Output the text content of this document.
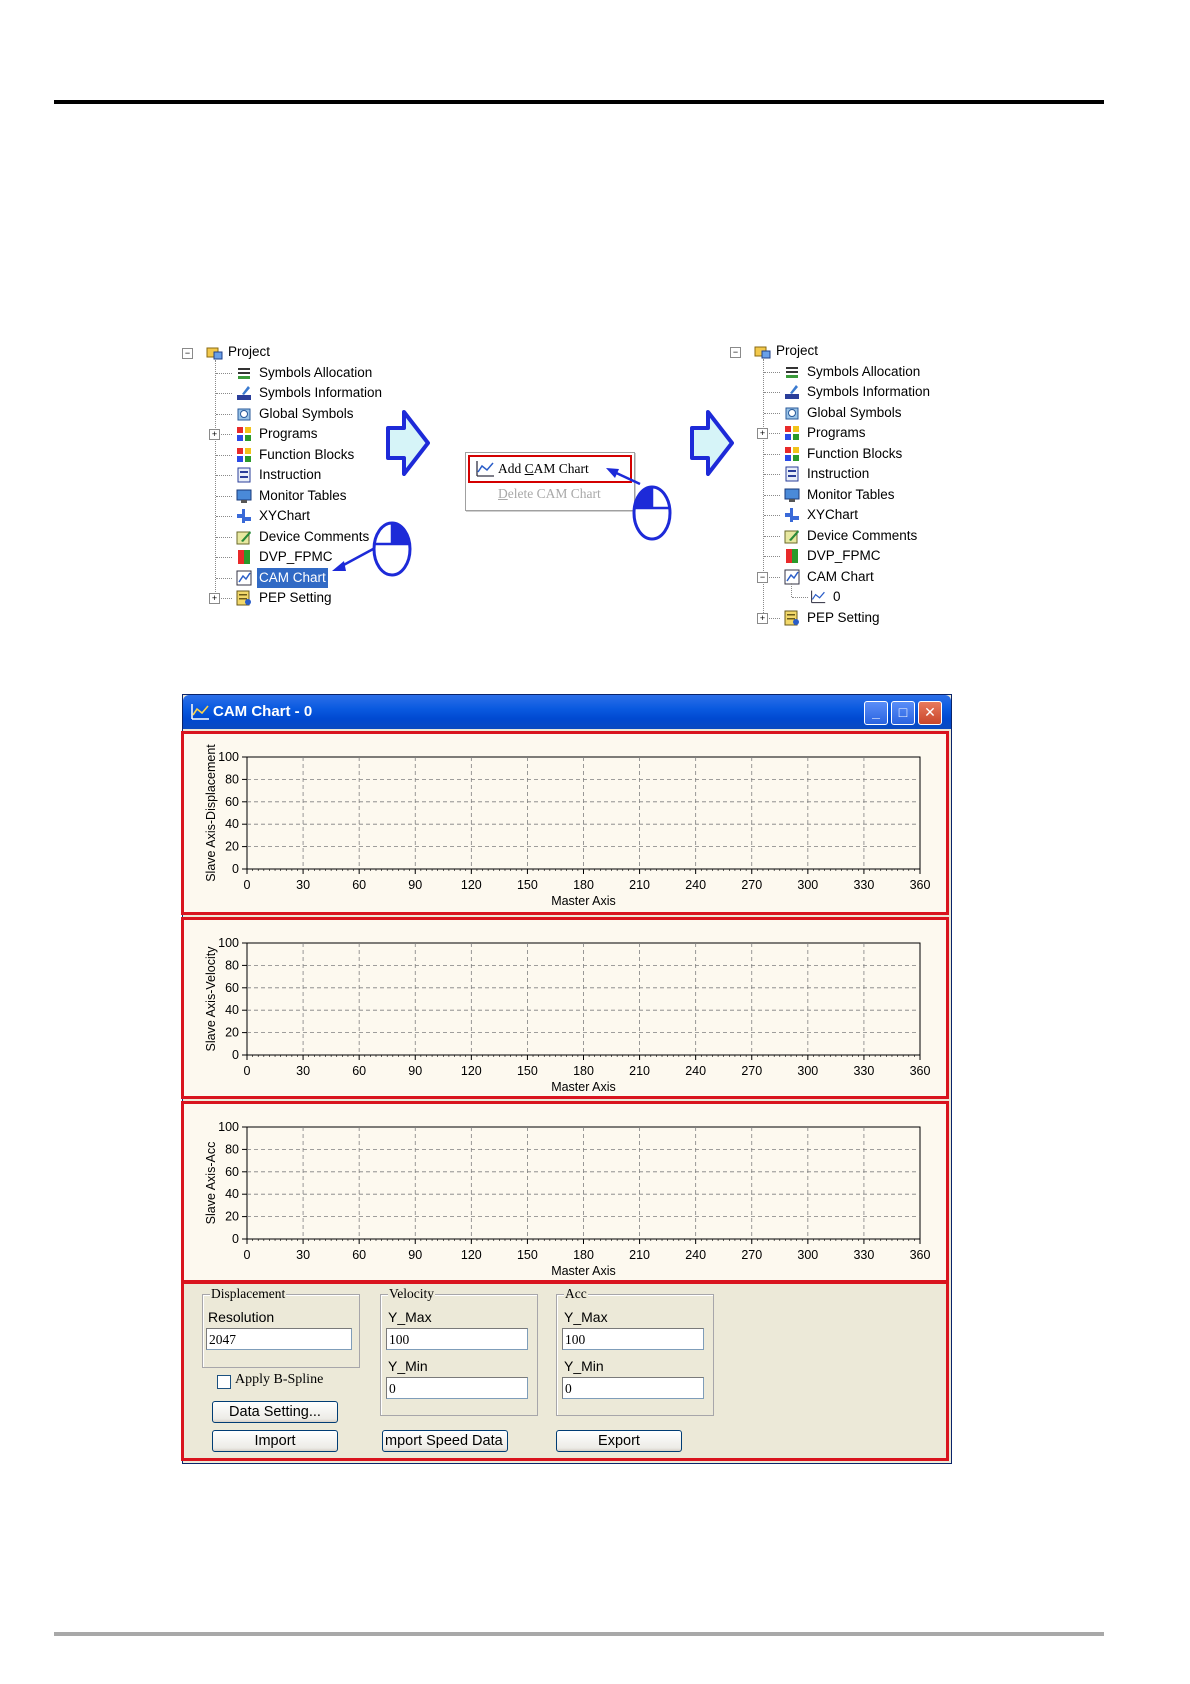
−	Project
Symbols Allocation
Symbols Information
Global Symbols
+	Programs
Function Blocks
Instruction
Monitor Tables
XYChart
Device Comments
DVP_FPMC
CAM Chart
PEP Setting
+
Add CAM Chart
Delete CAM Chart
−	Project
Symbols Allocation
Symbols Information
Global Symbols
+	Programs
Function Blocks
Instruction
Monitor Tables
XYChart
Device Comments
DVP_FPMC
−	CAM Chart
0
+	PEP Setting
CAM Chart - 0	_	□	✕
0	30	60	90	120	150	180	210	240	270	300	330	360
0
20
40
60
80
100
Master Axis
Slave Axis-Displacement
0	30	60	90	120	150	180	210	240	270	300	330	360
0
20
40
60
80
100
Master Axis
Slave Axis-Velocity
0	30	60	90	120	150	180	210	240	270	300	330	360
0
20
40
60
80
100
Master Axis
Slave Axis-Acc
Displacement
Resolution
2047
Apply B-Spline
Data Setting...
Import
Velocity
Y_Max
100
Y_Min
0
mport Speed Data
Acc
Y_Max
100
Y_Min
0
Export
